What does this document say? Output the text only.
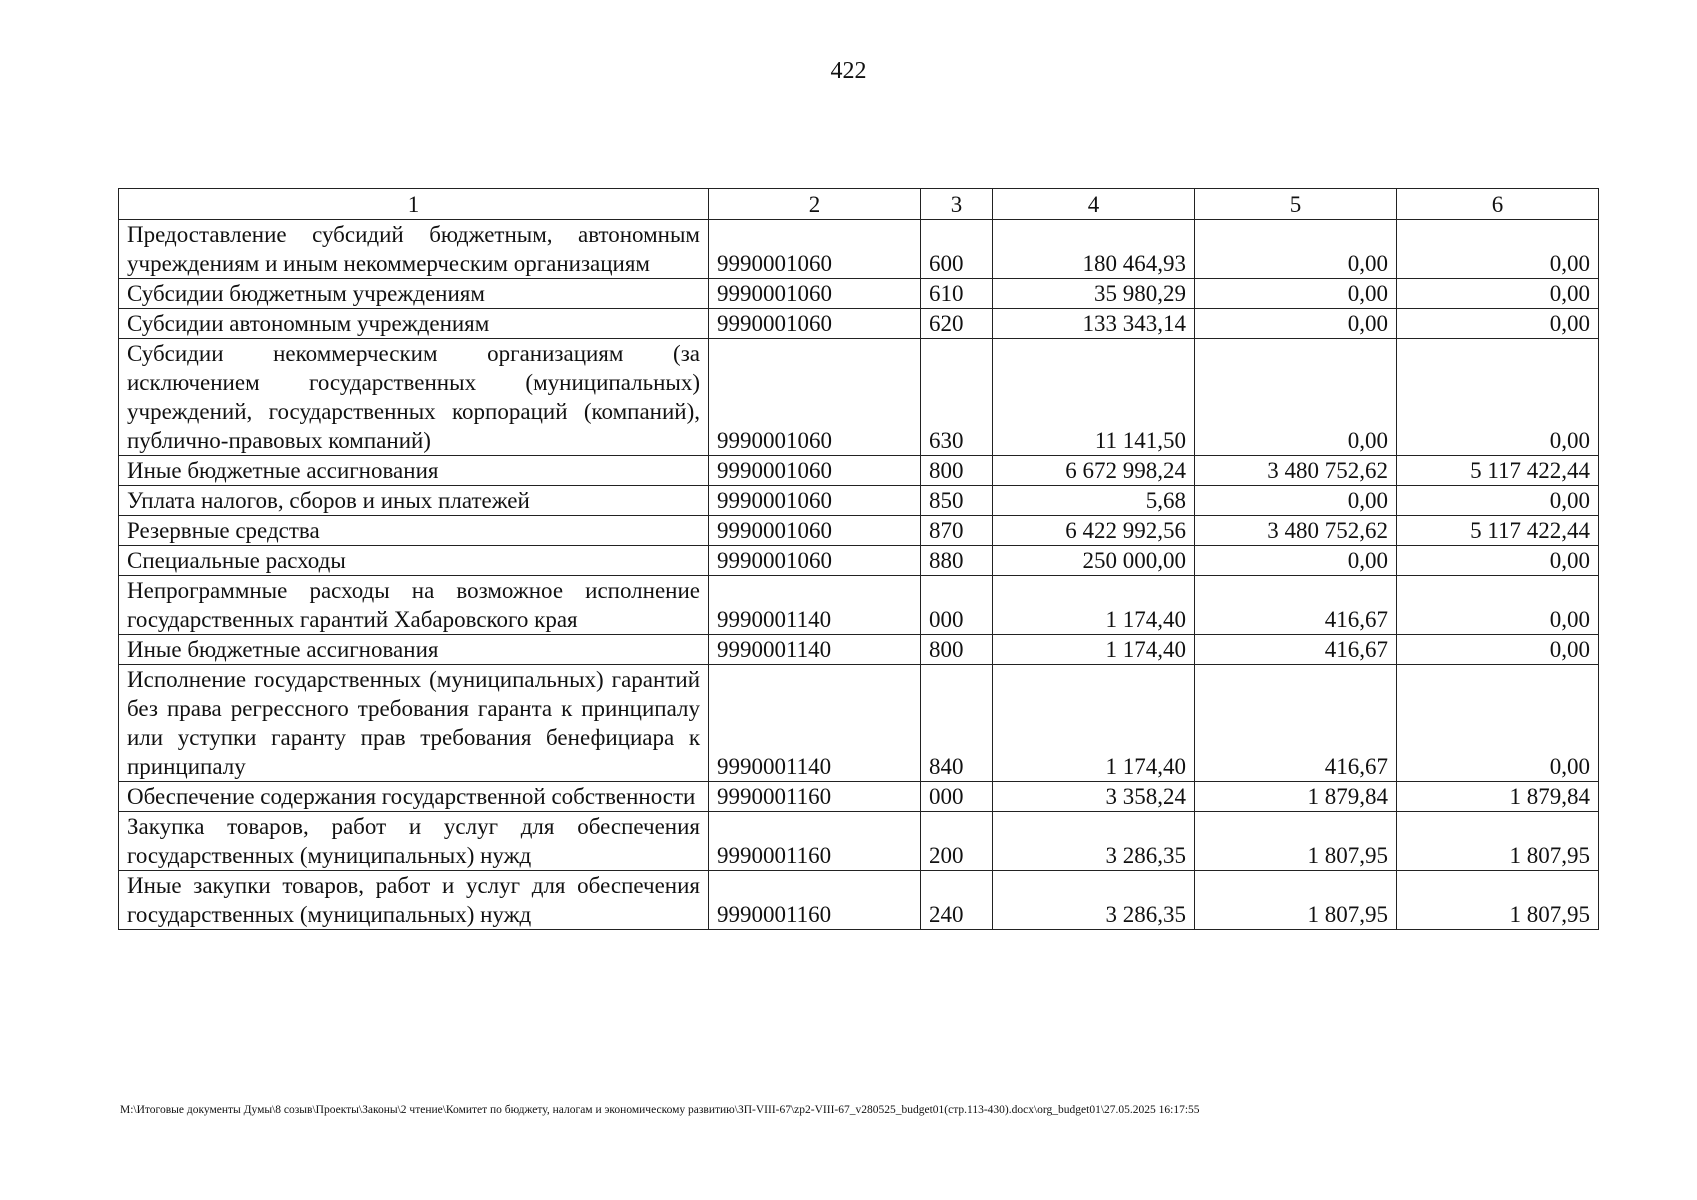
422
1	2	3	4	5	6
Предоставление субсидий бюджетным, автономным учреждениям и иным некоммерческим организациям	9990001060	600	180 464,93	0,00	0,00
Субсидии бюджетным учреждениям	9990001060	610	35 980,29	0,00	0,00
Субсидии автономным учреждениям	9990001060	620	133 343,14	0,00	0,00
Субсидии некоммерческим организациям (за исключением государственных (муниципальных) учреждений, государственных корпораций (компаний), публично-правовых компаний)	9990001060	630	11 141,50	0,00	0,00
Иные бюджетные ассигнования	9990001060	800	6 672 998,24	3 480 752,62	5 117 422,44
Уплата налогов, сборов и иных платежей	9990001060	850	5,68	0,00	0,00
Резервные средства	9990001060	870	6 422 992,56	3 480 752,62	5 117 422,44
Специальные расходы	9990001060	880	250 000,00	0,00	0,00
Непрограммные расходы на возможное исполнение государственных гарантий Хабаровского края	9990001140	000	1 174,40	416,67	0,00
Иные бюджетные ассигнования	9990001140	800	1 174,40	416,67	0,00
Исполнение государственных (муниципальных) гарантий без права регрессного требования гаранта к принципалу или уступки гаранту прав требования бенефициара к принципалу	9990001140	840	1 174,40	416,67	0,00
Обеспечение содержания государственной собственности	9990001160	000	3 358,24	1 879,84	1 879,84
Закупка товаров, работ и услуг для обеспечения государственных (муниципальных) нужд	9990001160	200	3 286,35	1 807,95	1 807,95
Иные закупки товаров, работ и услуг для обеспечения государственных (муниципальных) нужд	9990001160	240	3 286,35	1 807,95	1 807,95
M:\Итоговые документы Думы\8 созыв\Проекты\Законы\2 чтение\Комитет по бюджету, налогам и экономическому развитию\ЗП-VIII-67\zp2-VIII-67_v280525_budget01(стр.113-430).docx\org_budget01\27.05.2025 16:17:55
